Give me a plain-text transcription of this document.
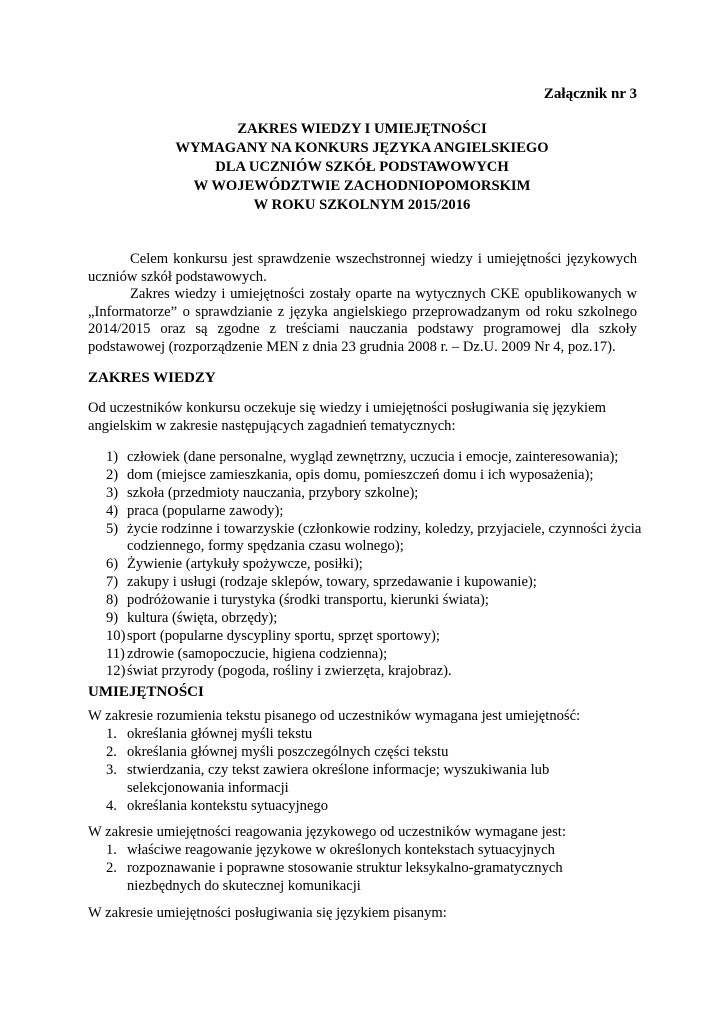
Załącznik nr 3
ZAKRES WIEDZY I UMIEJĘTNOŚCI
WYMAGANY NA KONKURS JĘZYKA ANGIELSKIEGO
DLA UCZNIÓW SZKÓŁ PODSTAWOWYCH
W WOJEWÓDZTWIE ZACHODNIOPOMORSKIM
W ROKU SZKOLNYM 2015/2016

Celem konkursu jest sprawdzenie wszechstronnej wiedzy i umiejętności językowych uczniów szkół podstawowych.

Zakres wiedzy i umiejętności zostały oparte na wytycznych CKE opublikowanych w „Informatorze” o sprawdzianie z języka angielskiego przeprowadzanym od roku szkolnego 2014/2015 oraz są zgodne z treściami nauczania podstawy programowej dla szkoły podstawowej (rozporządzenie MEN z dnia 23 grudnia 2008 r. – Dz.U. 2009 Nr 4, poz.17).

ZAKRES WIEDZY

Od uczestników konkursu oczekuje się wiedzy i umiejętności posługiwania się językiem angielskim w zakresie następujących zagadnień tematycznych:

1) człowiek (dane personalne, wygląd zewnętrzny, uczucia i emocje, zainteresowania);
2) dom (miejsce zamieszkania, opis domu, pomieszczeń domu i ich wyposażenia);
3) szkoła (przedmioty nauczania, przybory szkolne);
4) praca (popularne zawody);
5) życie rodzinne i towarzyskie (członkowie rodziny, koledzy, przyjaciele, czynności życia codziennego, formy spędzania czasu wolnego);
6) Żywienie (artykuły spożywcze, posiłki);
7) zakupy i usługi (rodzaje sklepów, towary, sprzedawanie i kupowanie);
8) podróżowanie i turystyka (środki transportu, kierunki świata);
9) kultura (święta, obrzędy);
10) sport (popularne dyscypliny sportu, sprzęt sportowy);
11) zdrowie (samopoczucie, higiena codzienna);
12) świat przyrody (pogoda, rośliny i zwierzęta, krajobraz).
UMIEJĘTNOŚCI

W zakresie rozumienia tekstu pisanego od uczestników wymagana jest umiejętność:

1. określania głównej myśli tekstu
2. określania głównej myśli poszczególnych części tekstu
3. stwierdzania, czy tekst zawiera określone informacje; wyszukiwania lub selekcjonowania informacji
4. określania kontekstu sytuacyjnego

W zakresie umiejętności reagowania językowego od uczestników wymagane jest:

1. właściwe reagowanie językowe w określonych kontekstach sytuacyjnych
2. rozpoznawanie i poprawne stosowanie struktur leksykalno-gramatycznych niezbędnych do skutecznej komunikacji

W zakresie umiejętności posługiwania się językiem pisanym:
